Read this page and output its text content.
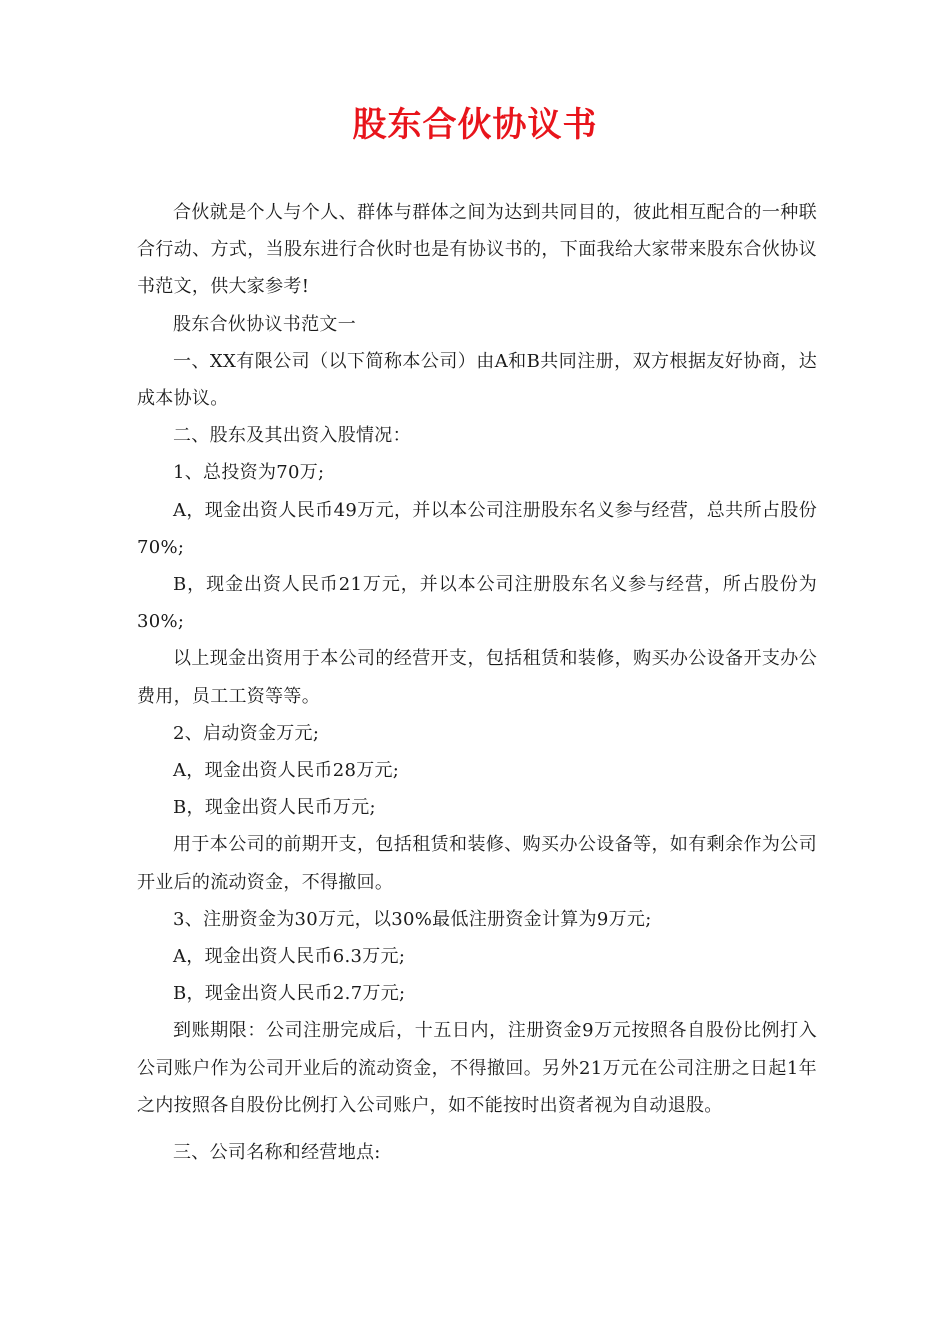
股东合伙协议书

合伙就是个人与个人、群体与群体之间为达到共同目的，彼此相互配合的一种联合行动、方式，当股东进行合伙时也是有协议书的，下面我给大家带来股东合伙协议书范文，供大家参考!

股东合伙协议书范文一

一、XX有限公司（以下简称本公司）由A和B共同注册，双方根据友好协商，达成本协议。

二、股东及其出资入股情况：

1、总投资为70万;

A，现金出资人民币49万元，并以本公司注册股东名义参与经营，总共所占股份70%;

B，现金出资人民币21万元，并以本公司注册股东名义参与经营，所占股份为30%;

以上现金出资用于本公司的经营开支，包括租赁和装修，购买办公设备开支办公费用，员工工资等等。

2、启动资金万元;

A，现金出资人民币28万元;

B，现金出资人民币万元;

用于本公司的前期开支，包括租赁和装修、购买办公设备等，如有剩余作为公司开业后的流动资金，不得撤回。

3、注册资金为30万元，以30%最低注册资金计算为9万元;

A，现金出资人民币6.3万元;

B，现金出资人民币2.7万元;

到账期限：公司注册完成后，十五日内，注册资金9万元按照各自股份比例打入公司账户作为公司开业后的流动资金，不得撤回。另外21万元在公司注册之日起1年之内按照各自股份比例打入公司账户，如不能按时出资者视为自动退股。

三、公司名称和经营地点:
